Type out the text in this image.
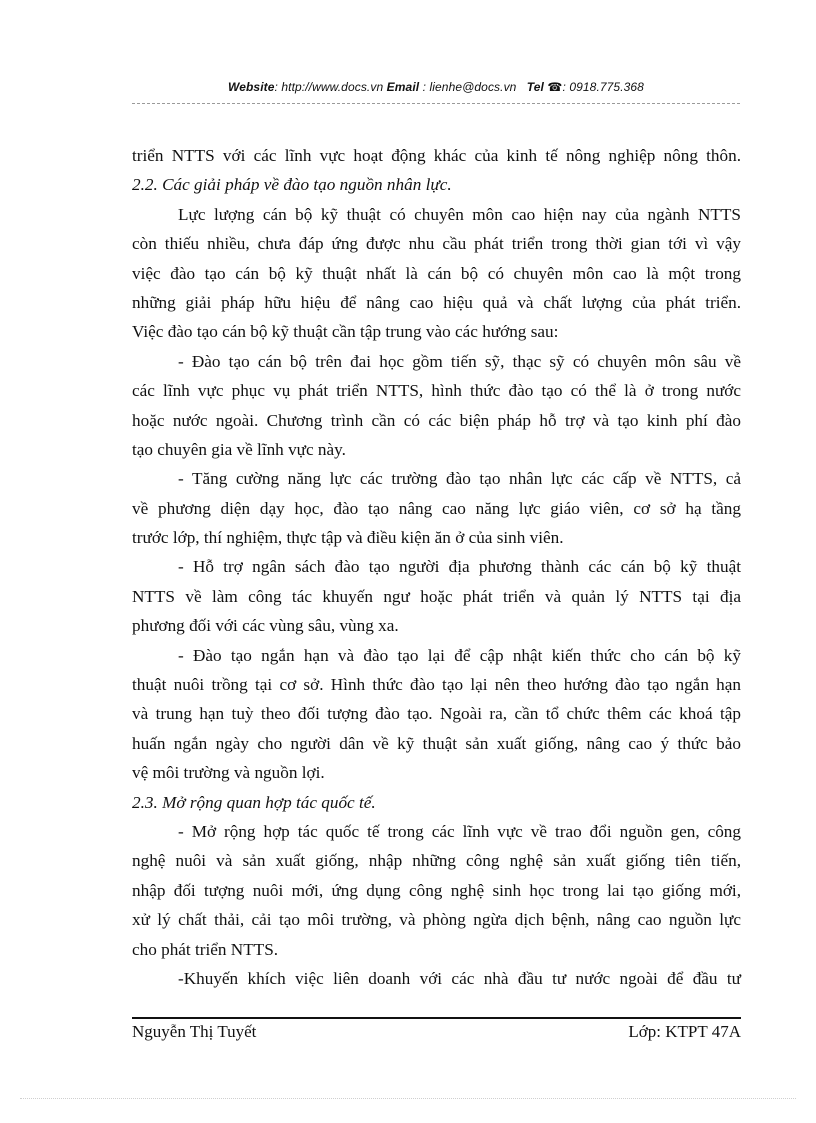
Website: http://www.docs.vn Email : lienhe@docs.vn Tel ☎: 0918.775.368
triển NTTS với các lĩnh vực hoạt động khác của kinh tế nông nghiệp nông thôn.
2.2. Các giải pháp về đào tạo nguồn nhân lực.
Lực lượng cán bộ kỹ thuật có chuyên môn cao hiện nay của ngành NTTS
còn thiếu nhiều, chưa đáp ứng được nhu cầu phát triển trong thời gian tới vì vậy
việc đào tạo cán bộ kỹ thuật nhất là cán bộ có chuyên môn cao là một trong
những giải pháp hữu hiệu để nâng cao hiệu quả và chất lượng của phát triển.
Việc đào tạo cán bộ kỹ thuật cần tập trung vào các hướng sau:
- Đào tạo cán bộ trên đai học gồm tiến sỹ, thạc sỹ có chuyên môn sâu về
các lĩnh vực phục vụ phát triển NTTS, hình thức đào tạo có thể là ở trong nước
hoặc nước ngoài. Chương trình cần có các biện pháp hỗ trợ và tạo kinh phí đào
tạo chuyên gia về lĩnh vực này.
- Tăng cường năng lực các trường đào tạo nhân lực các cấp về NTTS, cả
về phương diện dạy học, đào tạo nâng cao năng lực giáo viên, cơ sở hạ tầng
trước lớp, thí nghiệm, thực tập và điều kiện ăn ở của sinh viên.
- Hỗ trợ ngân sách đào tạo người địa phương thành các cán bộ kỹ thuật
NTTS về làm công tác khuyến ngư hoặc phát triển và quản lý NTTS tại địa
phương đối với các vùng sâu, vùng xa.
- Đào tạo ngắn hạn và đào tạo lại để cập nhật kiến thức cho cán bộ kỹ
thuật nuôi trồng tại cơ sở. Hình thức đào tạo lại nên theo hướng đào tạo ngắn hạn
và trung hạn tuỳ theo đối tượng đào tạo. Ngoài ra, cần tổ chức thêm các khoá tập
huấn ngắn ngày cho người dân về kỹ thuật sản xuất giống, nâng cao ý thức bảo
vệ môi trường và nguồn lợi.
2.3. Mở rộng quan hợp tác quốc tế.
- Mở rộng hợp tác quốc tế trong các lĩnh vực về trao đổi nguồn gen, công
nghệ nuôi và sản xuất giống, nhập những công nghệ sản xuất giống tiên tiến,
nhập đối tượng nuôi mới, ứng dụng công nghệ sinh học trong lai tạo giống mới,
xử lý chất thải, cải tạo môi trường, và phòng ngừa dịch bệnh, nâng cao nguồn lực
cho phát triển NTTS.
-Khuyến khích việc liên doanh với các nhà đầu tư nước ngoài để đầu tư
Nguyễn Thị Tuyết	Lớp: KTPT 47A
